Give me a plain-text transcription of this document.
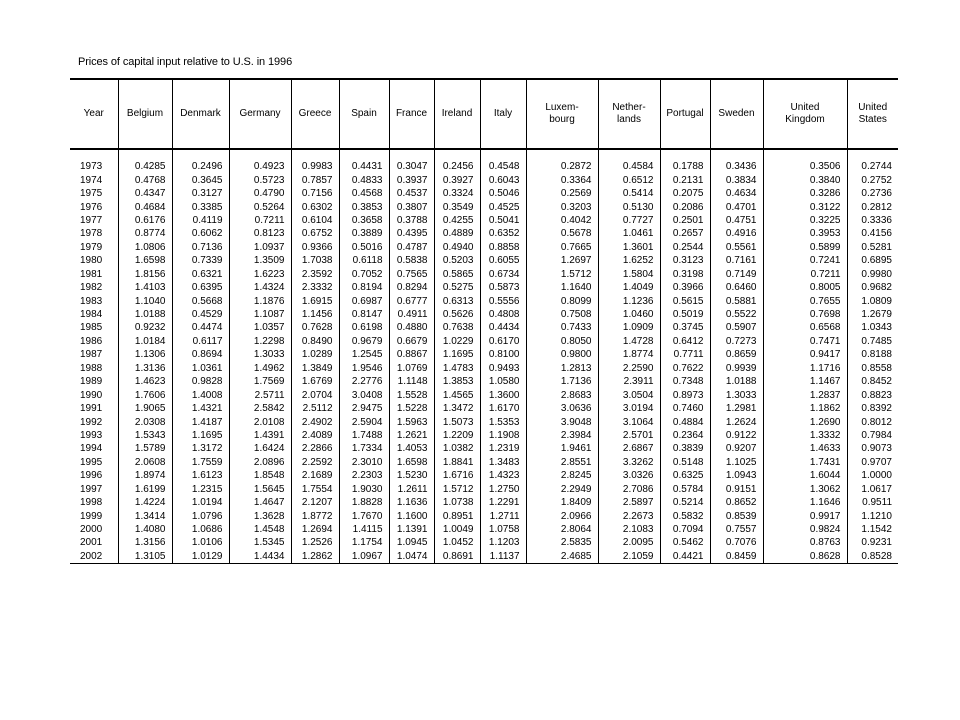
Prices of capital input relative to U.S. in 1996
Year	Belgium	Denmark	Germany	Greece	Spain	France	Ireland	Italy	Luxem-
bourg	Nether-
lands	Portugal	Sweden	United
Kingdom	United
States

1973	0.4285	0.2496	0.4923	0.9983	0.4431	0.3047	0.2456	0.4548	0.2872	0.4584	0.1788	0.3436	0.3506	0.2744
1974	0.4768	0.3645	0.5723	0.7857	0.4833	0.3937	0.3927	0.6043	0.3364	0.6512	0.2131	0.3834	0.3840	0.2752
1975	0.4347	0.3127	0.4790	0.7156	0.4568	0.4537	0.3324	0.5046	0.2569	0.5414	0.2075	0.4634	0.3286	0.2736
1976	0.4684	0.3385	0.5264	0.6302	0.3853	0.3807	0.3549	0.4525	0.3203	0.5130	0.2086	0.4701	0.3122	0.2812
1977	0.6176	0.4119	0.7211	0.6104	0.3658	0.3788	0.4255	0.5041	0.4042	0.7727	0.2501	0.4751	0.3225	0.3336
1978	0.8774	0.6062	0.8123	0.6752	0.3889	0.4395	0.4889	0.6352	0.5678	1.0461	0.2657	0.4916	0.3953	0.4156
1979	1.0806	0.7136	1.0937	0.9366	0.5016	0.4787	0.4940	0.8858	0.7665	1.3601	0.2544	0.5561	0.5899	0.5281
1980	1.6598	0.7339	1.3509	1.7038	0.6118	0.5838	0.5203	0.6055	1.2697	1.6252	0.3123	0.7161	0.7241	0.6895
1981	1.8156	0.6321	1.6223	2.3592	0.7052	0.7565	0.5865	0.6734	1.5712	1.5804	0.3198	0.7149	0.7211	0.9980
1982	1.4103	0.6395	1.4324	2.3332	0.8194	0.8294	0.5275	0.5873	1.1640	1.4049	0.3966	0.6460	0.8005	0.9682
1983	1.1040	0.5668	1.1876	1.6915	0.6987	0.6777	0.6313	0.5556	0.8099	1.1236	0.5615	0.5881	0.7655	1.0809
1984	1.0188	0.4529	1.1087	1.1456	0.8147	0.4911	0.5626	0.4808	0.7508	1.0460	0.5019	0.5522	0.7698	1.2679
1985	0.9232	0.4474	1.0357	0.7628	0.6198	0.4880	0.7638	0.4434	0.7433	1.0909	0.3745	0.5907	0.6568	1.0343
1986	1.0184	0.6117	1.2298	0.8490	0.9679	0.6679	1.0229	0.6170	0.8050	1.4728	0.6412	0.7273	0.7471	0.7485
1987	1.1306	0.8694	1.3033	1.0289	1.2545	0.8867	1.1695	0.8100	0.9800	1.8774	0.7711	0.8659	0.9417	0.8188
1988	1.3136	1.0361	1.4962	1.3849	1.9546	1.0769	1.4783	0.9493	1.2813	2.2590	0.7622	0.9939	1.1716	0.8558
1989	1.4623	0.9828	1.7569	1.6769	2.2776	1.1148	1.3853	1.0580	1.7136	2.3911	0.7348	1.0188	1.1467	0.8452
1990	1.7606	1.4008	2.5711	2.0704	3.0408	1.5528	1.4565	1.3600	2.8683	3.0504	0.8973	1.3033	1.2837	0.8823
1991	1.9065	1.4321	2.5842	2.5112	2.9475	1.5228	1.3472	1.6170	3.0636	3.0194	0.7460	1.2981	1.1862	0.8392
1992	2.0308	1.4187	2.0108	2.4902	2.5904	1.5963	1.5073	1.5353	3.9048	3.1064	0.4884	1.2624	1.2690	0.8012
1993	1.5343	1.1695	1.4391	2.4089	1.7488	1.2621	1.2209	1.1908	2.3984	2.5701	0.2364	0.9122	1.3332	0.7984
1994	1.5789	1.3172	1.6424	2.2866	1.7334	1.4053	1.0382	1.2319	1.9461	2.6867	0.3839	0.9207	1.4633	0.9073
1995	2.0608	1.7559	2.0896	2.2592	2.3010	1.6598	1.8841	1.3483	2.8551	3.3262	0.5148	1.1025	1.7431	0.9707
1996	1.8974	1.6123	1.8548	2.1689	2.2303	1.5230	1.6716	1.4323	2.8245	3.0326	0.6325	1.0943	1.6044	1.0000
1997	1.6199	1.2315	1.5645	1.7554	1.9030	1.2611	1.5712	1.2750	2.2949	2.7086	0.5784	0.9151	1.3062	1.0617
1998	1.4224	1.0194	1.4647	2.1207	1.8828	1.1636	1.0738	1.2291	1.8409	2.5897	0.5214	0.8652	1.1646	0.9511
1999	1.3414	1.0796	1.3628	1.8772	1.7670	1.1600	0.8951	1.2711	2.0966	2.2673	0.5832	0.8539	0.9917	1.1210
2000	1.4080	1.0686	1.4548	1.2694	1.4115	1.1391	1.0049	1.0758	2.8064	2.1083	0.7094	0.7557	0.9824	1.1542
2001	1.3156	1.0106	1.5345	1.2526	1.1754	1.0945	1.0452	1.1203	2.5835	2.0095	0.5462	0.7076	0.8763	0.9231
2002	1.3105	1.0129	1.4434	1.2862	1.0967	1.0474	0.8691	1.1137	2.4685	2.1059	0.4421	0.8459	0.8628	0.8528
